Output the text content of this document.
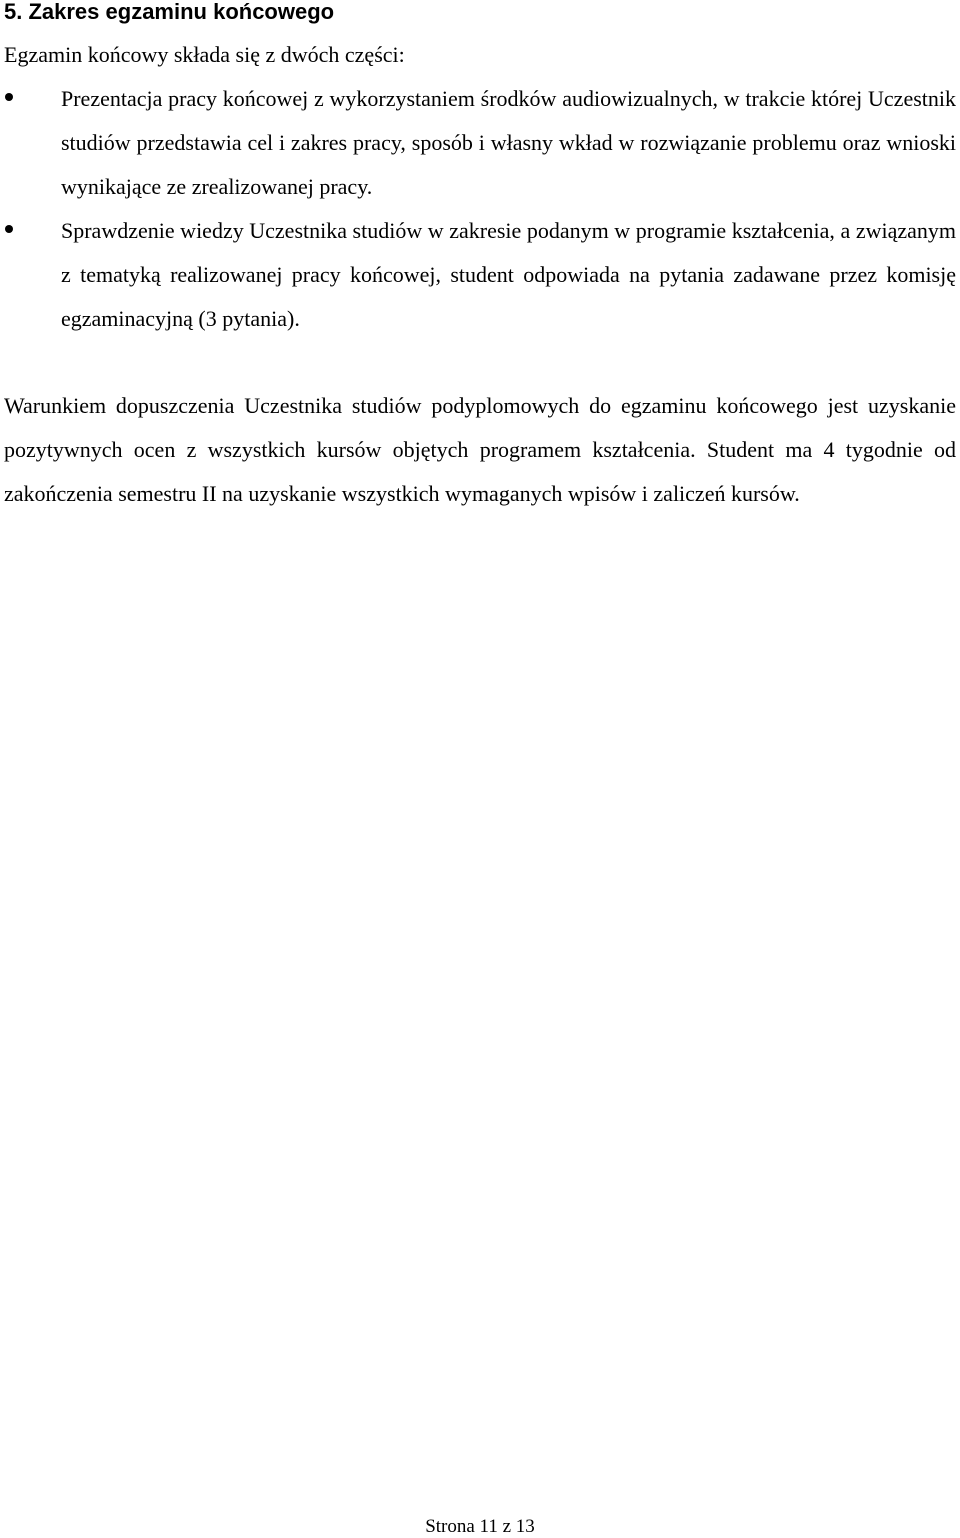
5. Zakres egzaminu końcowego
Egzamin końcowy składa się z dwóch części:
Prezentacja pracy końcowej z wykorzystaniem środków audiowizualnych, w trakcie której Uczestnik studiów przedstawia cel i zakres pracy, sposób i własny wkład w rozwiązanie problemu oraz wnioski wynikające ze zrealizowanej pracy.
Sprawdzenie wiedzy Uczestnika studiów w zakresie podanym w programie kształcenia, a związanym z tematyką realizowanej pracy końcowej, student odpowiada na pytania zadawane przez komisję egzaminacyjną (3 pytania).

Warunkiem dopuszczenia Uczestnika studiów podyplomowych do egzaminu końcowego jest uzyskanie pozytywnych ocen z wszystkich kursów objętych programem kształcenia. Student ma 4 tygodnie od zakończenia semestru II na uzyskanie wszystkich wymaganych wpisów i zaliczeń kursów.

Strona 11 z 13
